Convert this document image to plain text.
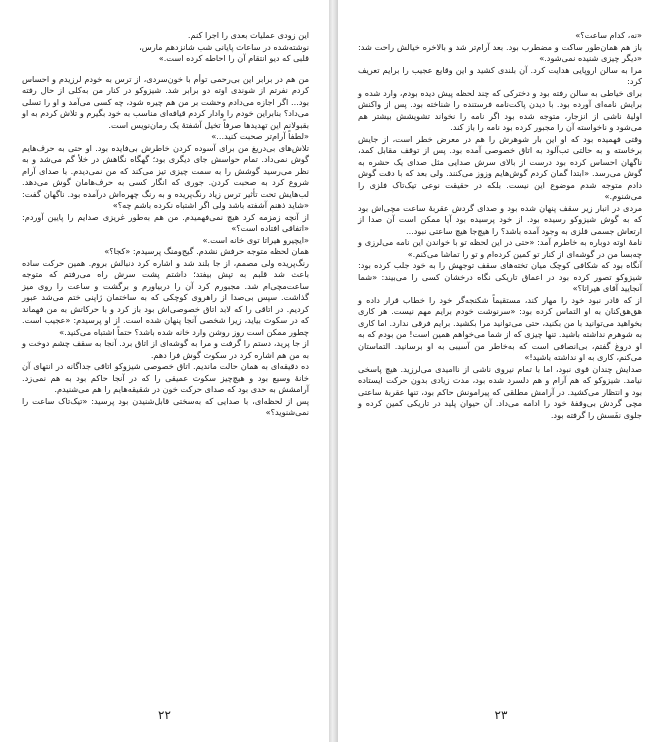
این زودی عملیات بعدی را اجرا کنم.
نوشته‌شده در ساعات پایانی شب شانزدهم مارس،
قلبی که دیو انتقام آن را احاطه کرده است.»

من هم در برابر این بی‌رحمی توأم با خون‌سردی، از ترس به خودم لرزیدم و احساس کردم نفرتم از شوندی اوته دو برابر شد. شیزوکو در کنار من به‌کلی از حال رفته بود... اگر اجازه می‌دادم وحشت بر من هم چیره شود، چه کسی می‌آمد و او را تسلی می‌داد؟ بنابراین خودم را وادار کردم قیافه‌ای مناسب به خود بگیرم و تلاش کردم به او بقبولانم این تهدیدها صرفاً تخیل آشفتهٔ یک رمان‌نویس است.

«لطفاً آرام‌تر صحبت کنید...»

تلاش‌های بی‌دریغ من برای آسوده کردن خاطرش بی‌فایده بود. او حتی به حرف‌هایم گوش نمی‌داد. تمام حواسش جای دیگری بود؛ گهگاه نگاهش در خلأ گم می‌شد و به نظر می‌رسید گوشش را به سمت چیزی تیز می‌کند که من نمی‌دیدم. با صدای آرام شروع کرد به صحبت کردن. جوری که انگار کسی به حرف‌هامان گوش می‌دهد. لب‌هایش تحت تأثیر ترس زیاد رنگ‌پریده و به رنگ چهره‌اش درآمده بود. ناگهان گفت: «شاید ذهنم آشفته باشد ولی اگر اشتباه نکرده باشم چه؟»

از آنچه زمزمه کرد هیچ نمی‌فهمیدم. من هم به‌طور غریزی صدایم را پایین آوردم: «اتفاقی افتاده است؟»

«ایچیرو هیراتا توی خانه است.»

همان لحظه متوجه حرفش نشدم. گیج‌ومنگ پرسیدم: «کجا؟»

رنگ‌پریده ولی مصمم، از جا بلند شد و اشاره کرد دنبالش بروم. همین حرکت ساده باعث شد قلبم به تپش بیفتد؛ داشتم پشت سرش راه می‌رفتم که متوجه ساعت‌مچی‌ام شد. مجبورم کرد آن را دربیاورم و برگشت و ساعت را روی میز گذاشت. سپس بی‌صدا از راهروی کوچکی که به ساختمان ژاپنی ختم می‌شد عبور کردیم. در اتاقی را که لابد اتاق خصوصی‌اش بود باز کرد و با حرکاتش به من فهماند که در سکوت بیاید، زیرا شخصی آنجا پنهان شده است. از او پرسیدم: «عجیب است. چطور ممکن است روز روشن وارد خانه شده باشد؟ حتماً اشتباه می‌کنید.»

از جا پرید، دستم را گرفت و مرا به گوشه‌ای از اتاق برد. آنجا به سقف چشم دوخت و به من هم اشاره کرد در سکوت گوش فرا دهم.

ده دقیقه‌ای به همان حالت ماندیم. اتاق خصوصی شیزوکو اتاقی جداگانه در انتهای آن خانهٔ وسیع بود و هیچ‌چیز سکوت عمیقی را که در آنجا حاکم بود به هم نمی‌زد. آرامشش به حدی بود که صدای حرکت خون در شقیقه‌هایم را هم می‌شنیدم.

پس از لحظه‌ای، با صدایی که به‌سختی قابل‌شنیدن بود پرسید: «تیک‌تاک ساعت را نمی‌شنوید؟»

۲۲

«نه، کدام ساعت؟»

باز هم همان‌طور ساکت و مضطرب بود. بعد آرام‌تر شد و بالاخره خیالش راحت شد: «دیگر چیزی شنیده نمی‌شود.»

مرا به سالن اروپایی هدایت کرد. آن بلندی کشید و این وقایع عجیب را برایم تعریف کرد:

برای خیاطی به سالن رفته بود و دخترکی که چند لحظه پیش دیده بودم، وارد شده و برایش نامه‌ای آورده بود. با دیدن پاکت‌نامه فرستنده را شناخته بود. پس از واکنش اولیهٔ ناشی از انزجار، متوجه شده بود اگر نامه را نخواند تشویشش بیشتر هم می‌شود و ناخواسته آن را مجبور کرده بود نامه را باز کند.

وقتی فهمیده بود که او این بار شوهرش را هم در معرض خطر است، از جایش برخاسته و به حالتی تب‌آلود به اتاق خصوصی آمده بود. پس از توقف مقابل کمد، ناگهان احساس کرده بود درست از بالای سرش صدایی مثل صدای یک حشره به گوش می‌رسد. «ابتدا گمان کردم گوش‌هایم وزوز می‌کنند. ولی بعد که با دقت گوش دادم متوجه شدم موضوع این نیست. بلکه در حقیقت نوعی تیک‌تاک فلزی را می‌شنوم.»

مردی در انبار زیر سقف پنهان شده بود و صدای گردش عقربهٔ ساعت مچی‌اش بود که به گوش شیزوکو رسیده بود. از خود پرسیده بود آیا ممکن است آن صدا از ارتعاش جسمی فلزی به وجود آمده باشد؟ را هیچ‌جا هیچ ساعتی نبود...

نامهٔ اوته دوباره به خاطرم آمد: «حتی در این لحظه تو با خواندن این نامه می‌لرزی و چه‌بسا من در گوشه‌ای از کنار تو کمین کرده‌ام و تو را تماشا می‌کنم.»

آنگاه بود که شکافی کوچک میان تخته‌های سقف توجهش را به خود جلب کرده بود: شیزوکو تصور کرده بود در اعماق تاریکی نگاه درخشان کسی را می‌بیند: «شما آنجایید آقای هیراتا؟»

از که قادر نبود خود را مهار کند، مستقیماً شکنجه‌گر خود را خطاب قرار داده و هق‌هق‌کنان به او التماس کرده بود: «سرنوشت خودم برایم مهم نیست. هر کاری بخواهید می‌توانید با من بکنید، حتی می‌توانید مرا بکشید. برایم فرقی ندارد. اما کاری به شوهرم نداشته باشید. تنها چیزی که از شما می‌خواهم همین است! من بودم که به او دروغ گفتم، بی‌انصافی است که به‌خاطر من آسیبی به او برسانید. التماستان می‌کنم، کاری به او نداشته باشید!»

صدایش چندان قوی نبود، اما با تمام نیروی ناشی از ناامیدی می‌لرزید. هیچ پاسخی نیامد. شیزوکو که هم آرام و هم دلسرد شده بود، مدت زیادی بدون حرکت ایستاده بود و انتظار می‌کشید. در آرامش مطلقی که پیرامونش حاکم بود، تنها عقربهٔ ساعتی مچی گردش بی‌وقفهٔ خود را ادامه می‌داد. آن حیوان پلید در تاریکی کمین کرده و جلوی نفَسش را گرفته بود.

۲۳
